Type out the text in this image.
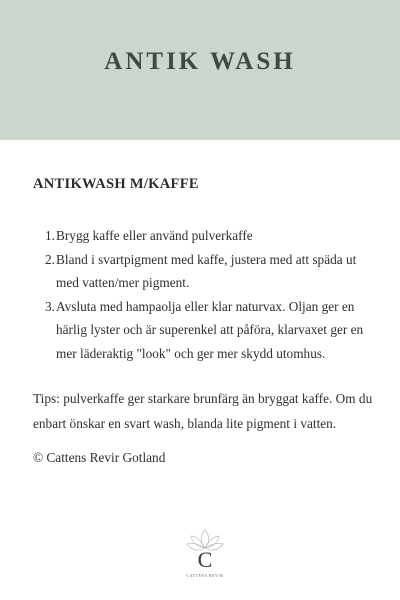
ANTIK WASH

ANTIKWASH M/KAFFE

1. Brygg kaffe eller använd pulverkaffe
2. Bland i svartpigment med kaffe, justera med att späda ut med vatten/mer pigment.
3. Avsluta med hampaolja eller klar naturvax. Oljan ger en härlig lyster och är superenkel att påföra, klarvaxet ger en mer läderaktig "look" och ger mer skydd utomhus.

Tips: pulverkaffe ger starkare brunfärg än bryggat kaffe. Om du enbart önskar en svart wash, blanda lite pigment i vatten.

© Cattens Revir Gotland

C
CATTENS REVIR
